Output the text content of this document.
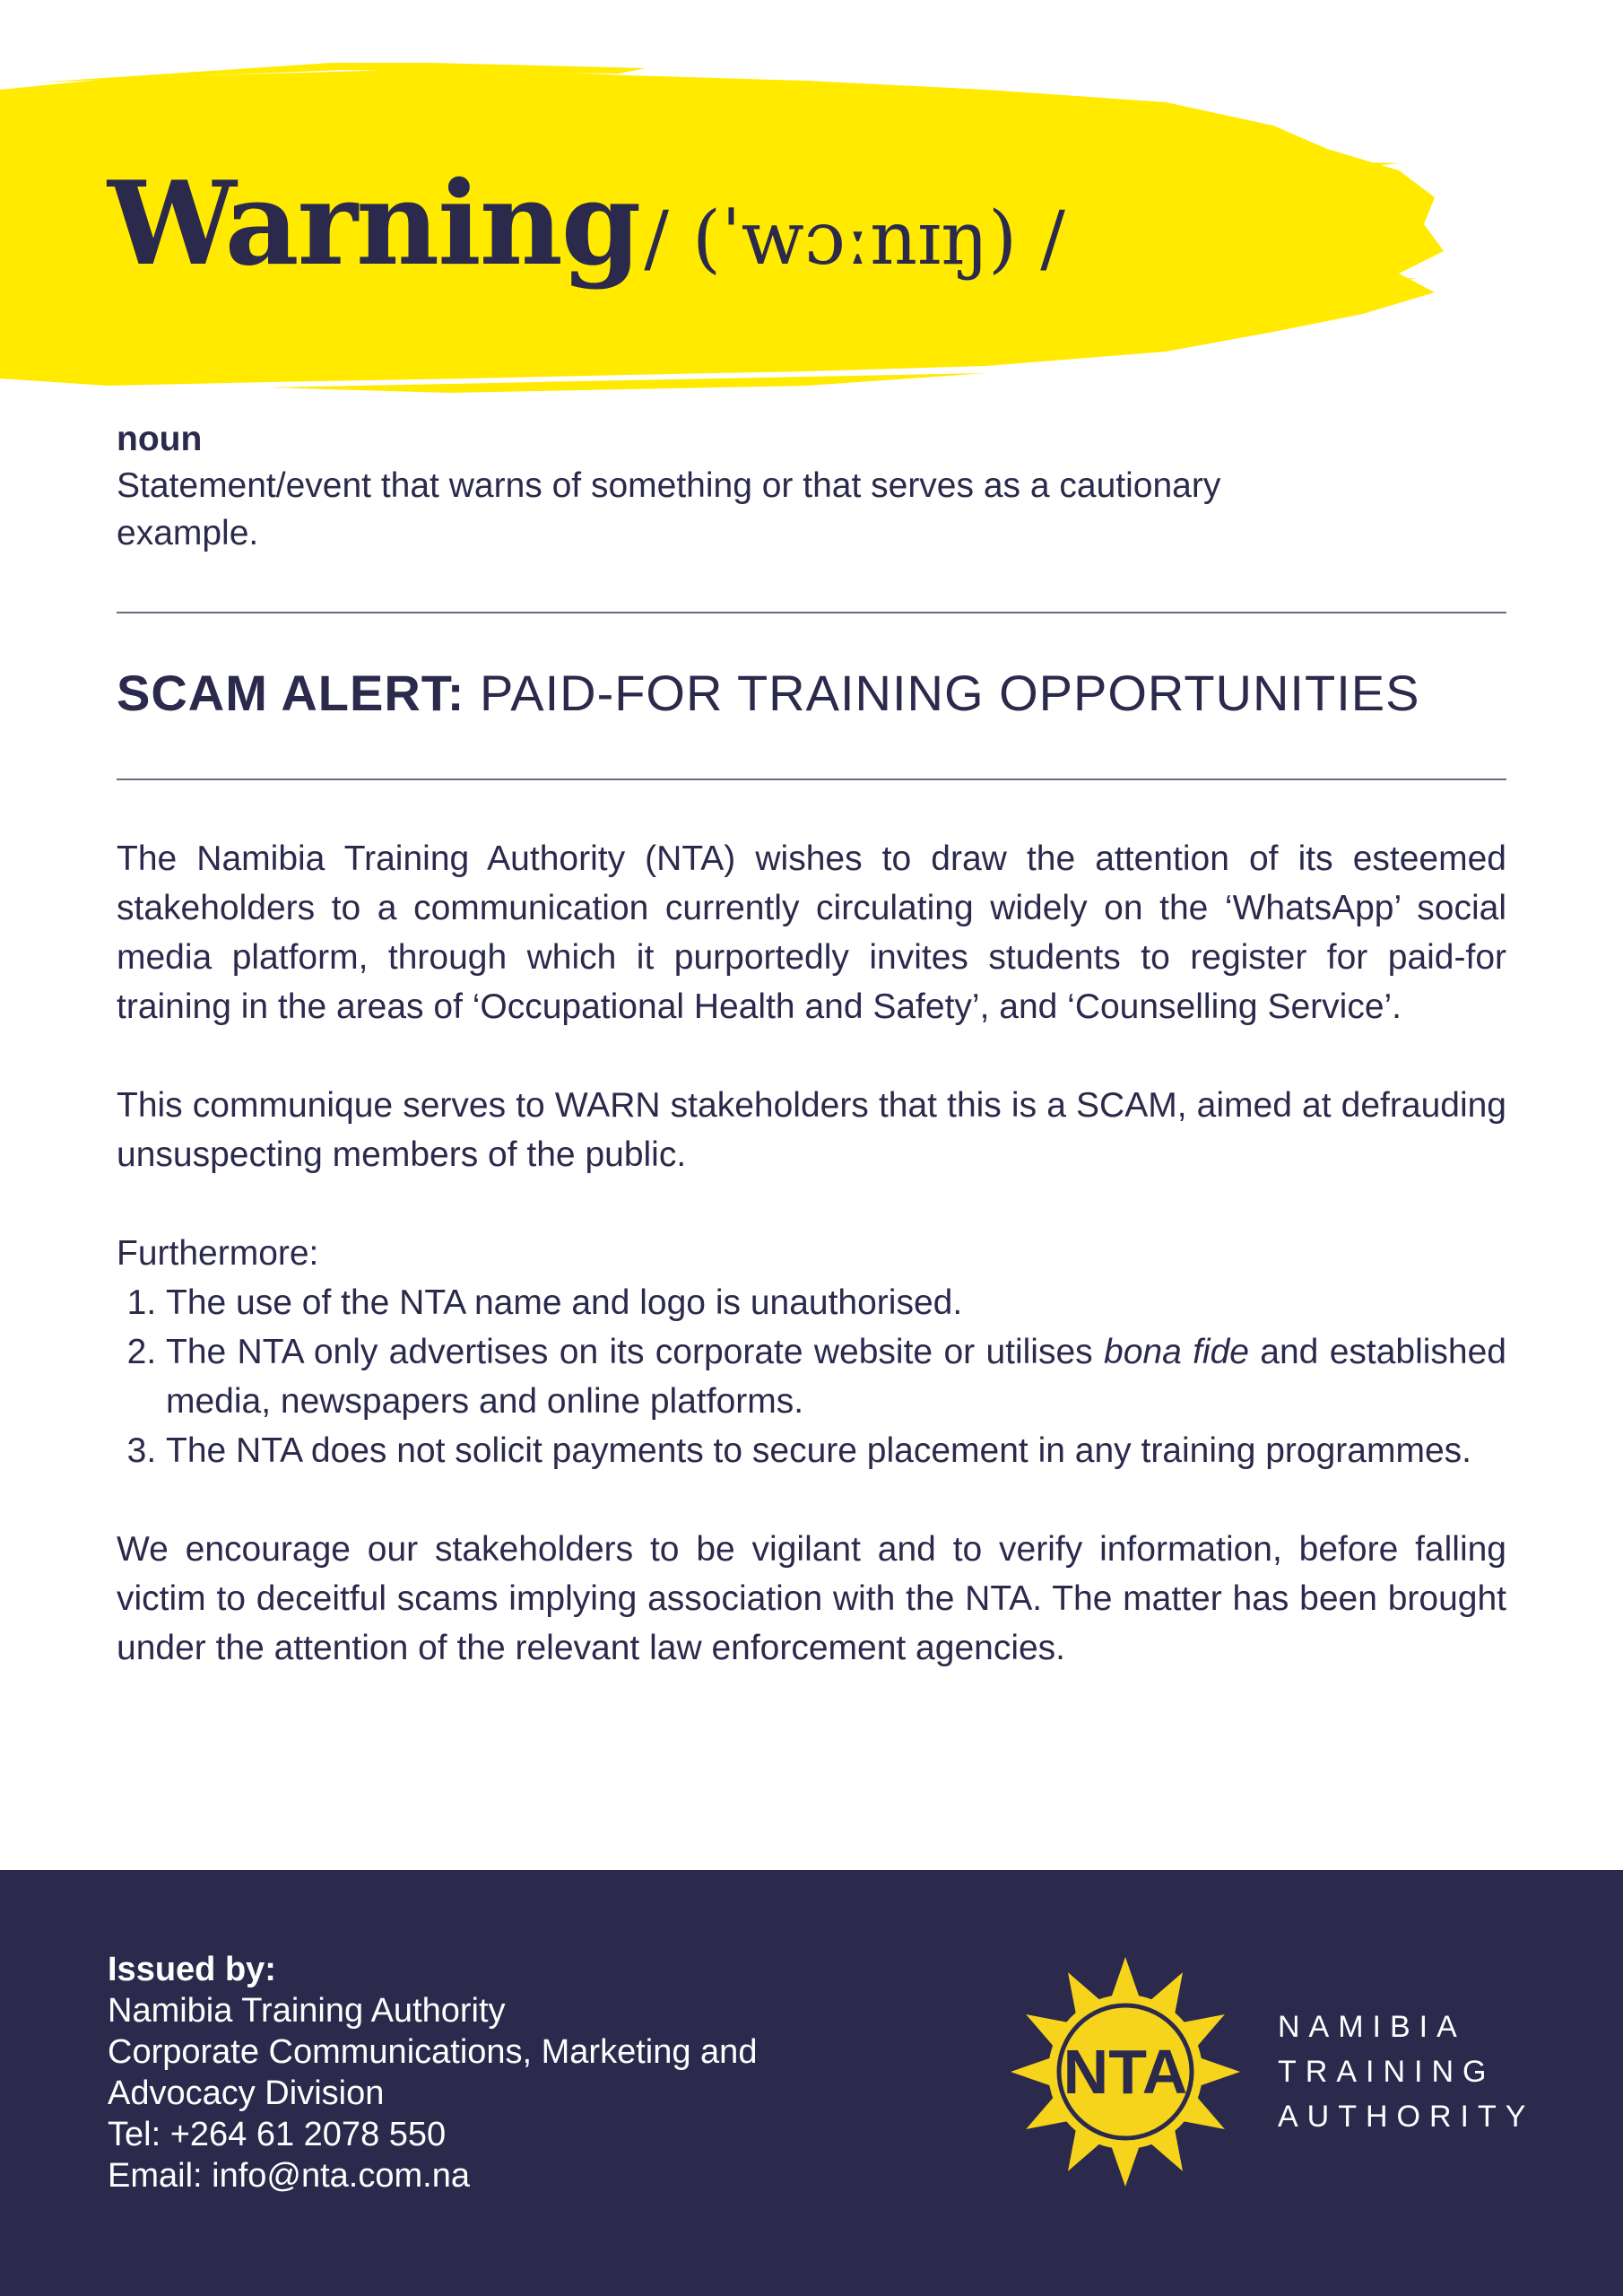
Warning / (ˈwɔːnɪŋ) /
noun
Statement/event that warns of something or that serves as a cautionary example.
SCAM ALERT: PAID-FOR TRAINING OPPORTUNITIES

The Namibia Training Authority (NTA) wishes to draw the attention of its esteemed stakeholders to a communication currently circulating widely on the ‘WhatsApp’ social media platform, through which it purportedly invites students to register for paid-for training in the areas of ‘Occupational Health and Safety’, and ‘Counselling Service’.

This communique serves to WARN stakeholders that this is a SCAM, aimed at defrauding unsuspecting members of the public.

Furthermore:

1. The use of the NTA name and logo is unauthorised.
2. The NTA only advertises on its corporate website or utilises bona fide and established media, newspapers and online platforms.
3. The NTA does not solicit payments to secure placement in any training programmes.

We encourage our stakeholders to be vigilant and to verify information, before falling victim to deceitful scams implying association with the NTA. The matter has been brought under the attention of the relevant law enforcement agencies.

Issued by:
Namibia Training Authority
Corporate Communications, Marketing and
Advocacy Division
Tel: +264 61 2078 550
Email: info@nta.com.na
NTA
NAMIBIA
TRAINING
AUTHORITY
